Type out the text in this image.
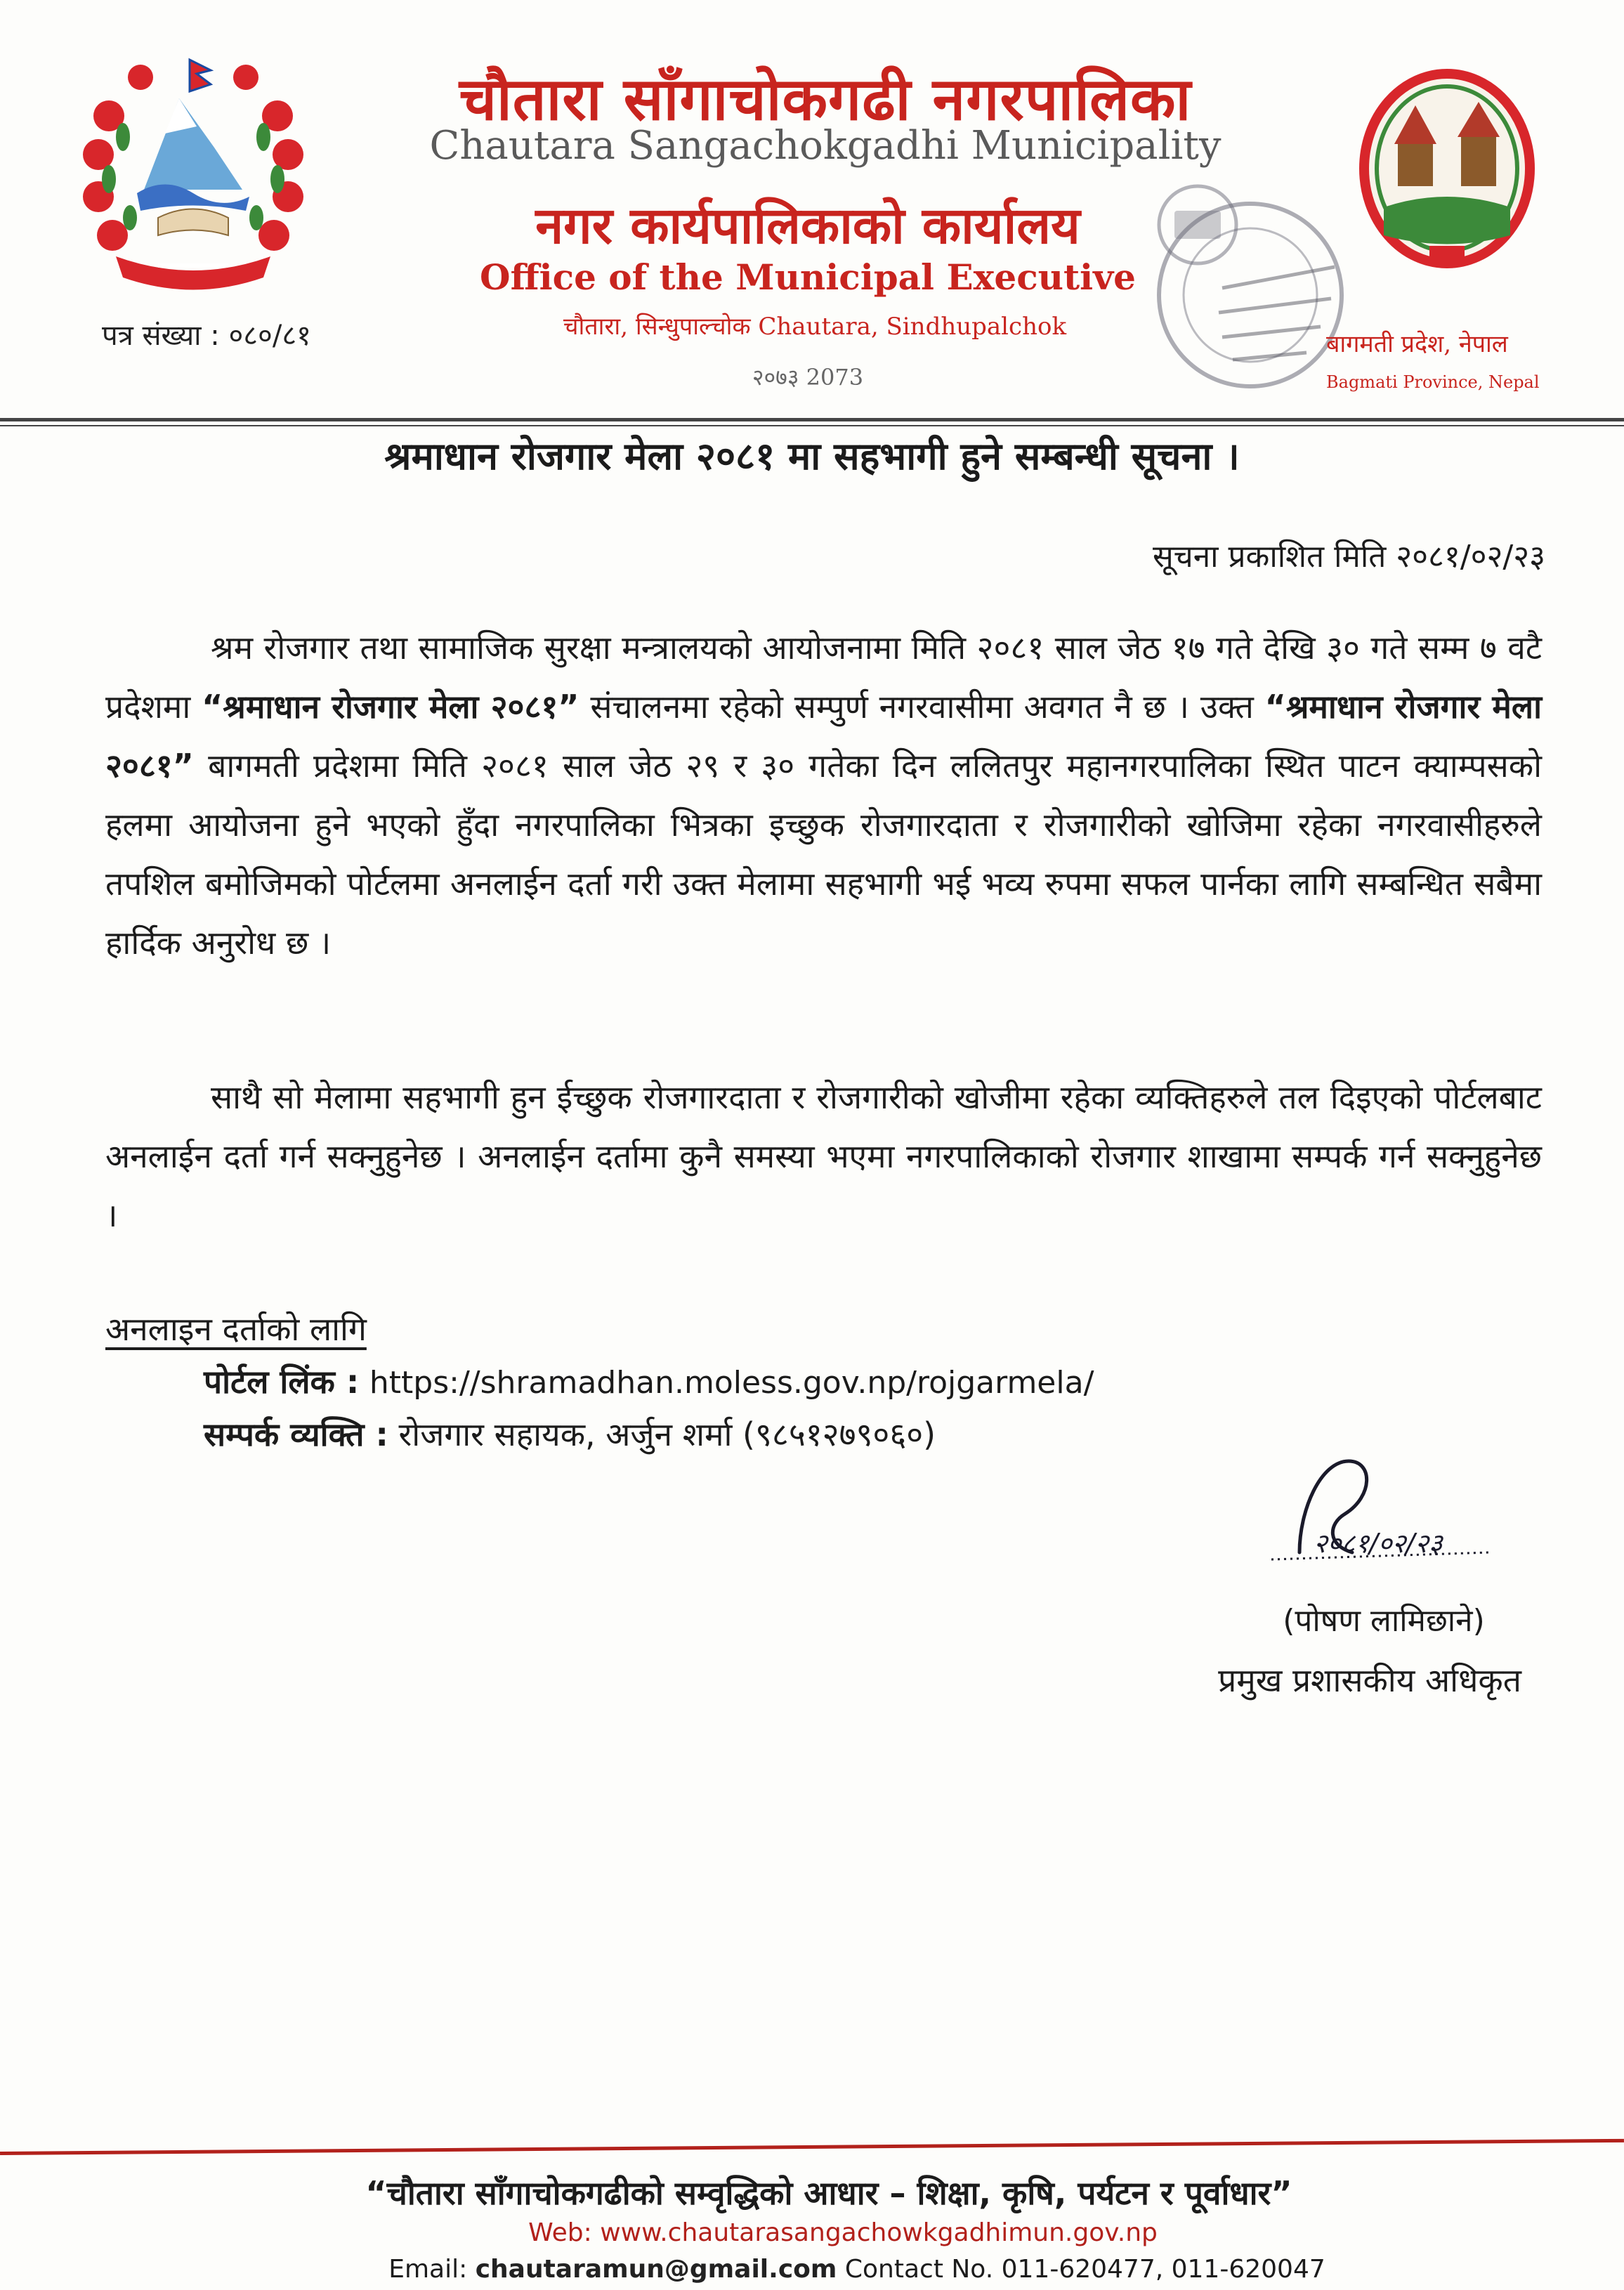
चौतारा साँगाचोकगढी नगरपालिका
Chautara Sangachokgadhi Municipality
नगर कार्यपालिकाको कार्यालय
Office of the Municipal Executive
चौतारा, सिन्धुपाल्चोक Chautara, Sindhupalchok
२०७३ 2073
पत्र संख्या : ०८०/८१	बागमती प्रदेश, नेपाल
Bagmati Province, Nepal
श्रमाधान रोजगार मेला २०८१ मा सहभागी हुने सम्बन्धी सूचना ।
सूचना प्रकाशित मिति २०८१/०२/२३
श्रम रोजगार तथा सामाजिक सुरक्षा मन्त्रालयको आयोजनामा मिति २०८१ साल जेठ १७ गते देखि ३० गते सम्म ७ वटै प्रदेशमा “श्रमाधान रोजगार मेला २०८१” संचालनमा रहेको सम्पुर्ण नगरवासीमा अवगत नै छ । उक्त “श्रमाधान रोजगार मेला २०८१” बागमती प्रदेशमा मिति २०८१ साल जेठ २९ र ३० गतेका दिन ललितपुर महानगरपालिका स्थित पाटन क्याम्पसको हलमा आयोजना हुने भएको हुँदा नगरपालिका भित्रका इच्छुक रोजगारदाता र रोजगारीको खोजिमा रहेका नगरवासीहरुले तपशिल बमोजिमको पोर्टलमा अनलाईन दर्ता गरी उक्त मेलामा सहभागी भई भव्य रुपमा सफल पार्नका लागि सम्बन्धित सबैमा हार्दिक अनुरोध छ ।
साथै सो मेलामा सहभागी हुन ईच्छुक रोजगारदाता र रोजगारीको खोजीमा रहेका व्यक्तिहरुले तल दिइएको पोर्टलबाट अनलाईन दर्ता गर्न सक्नुहुनेछ । अनलाईन दर्तामा कुनै समस्या भएमा नगरपालिकाको रोजगार शाखामा सम्पर्क गर्न सक्नुहुनेछ ।
अनलाइन दर्ताको लागि
पोर्टल लिंक : https://shramadhan.moless.gov.np/rojgarmela/
सम्पर्क व्यक्ति : रोजगार सहायक, अर्जुन शर्मा (९८५१२७९०६०)
२०८१/०२/२३
(पोषण लामिछाने)
प्रमुख प्रशासकीय अधिकृत
“चौतारा साँगाचोकगढीको सम्वृद्धिको आधार – शिक्षा, कृषि, पर्यटन र पूर्वाधार”
Web: www.chautarasangachowkgadhimun.gov.np
Email: chautaramun@gmail.com Contact No. 011-620477, 011-620047
